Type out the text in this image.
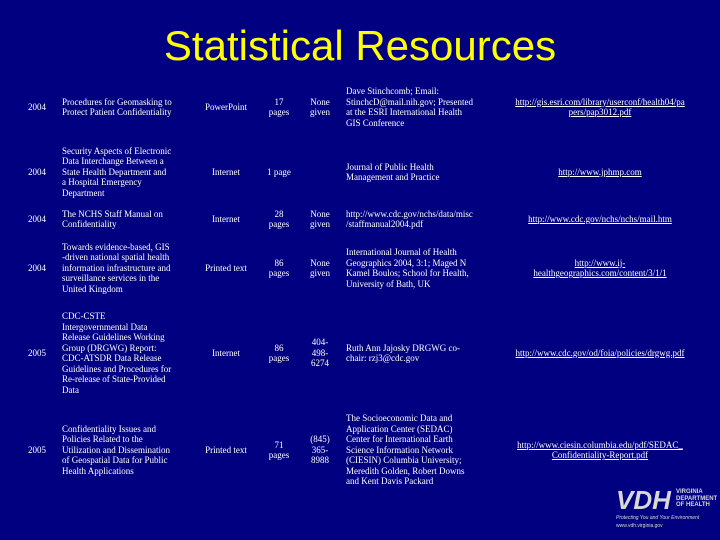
Statistical Resources
2004
Procedures for Geomasking to
Protect Patient Confidentiality
PowerPoint
17
pages
None
given
Dave Stinchcomb; Email:
StinchcD@mail.nih.gov; Presented
at the ESRI International Health
GIS Conference
http://gis.esri.com/library/userconf/health04/pa
pers/pap3012.pdf
2004
Security Aspects of Electronic
Data Interchange Between a
State Health Department and
a Hospital Emergency
Department
Internet	1 page
Journal of Public Health
Management and Practice
http://www.jphmp.com
2004
The NCHS Staff Manual on
Confidentiality
Internet
28
pages
None
given
http://www.cdc.gov/nchs/data/misc
/staffmanual2004.pdf
http://www.cdc.gov/nchs/nchs/mail.htm
2004
Towards evidence-based, GIS
-driven national spatial health
information infrastructure and
surveillance services in the
United Kingdom
Printed text
86
pages
None
given
International Journal of Health
Geographics 2004, 3:1; Maged N
Kamel Boulos; School for Health,
University of Bath, UK
http://www.ij-
healthgeographics.com/content/3/1/1
2005
CDC-CSTE
Intergovernmental Data
Release Guidelines Working
Group (DRGWG) Report:
CDC-ATSDR Data Release
Guidelines and Procedures for
Re-release of State-Provided
Data
Internet
86
pages
404-
498-
6274
Ruth Ann Jajosky DRGWG co-
chair: rzj3@cdc.gov
http://www.cdc.gov/od/foia/policies/drgwg.pdf
2005
Confidentiality Issues and
Policies Related to the
Utilization and Dissemination
of Geospatial Data for Public
Health Applications
Printed text
71
pages
(845)
365-
8988
The Socioeconomic Data and
Application Center (SEDAC)
Center for International Earth
Science Information Network
(CIESIN) Columbia University;
Meredith Golden, Robert Downs
and Kent Davis Packard
http://www.ciesin.columbia.edu/pdf/SEDAC_
Confidentiality-Report.pdf
VDH VIRGINIA
DEPARTMENT
OF HEALTH
Protecting You and Your Environment
www.vdh.virginia.gov
